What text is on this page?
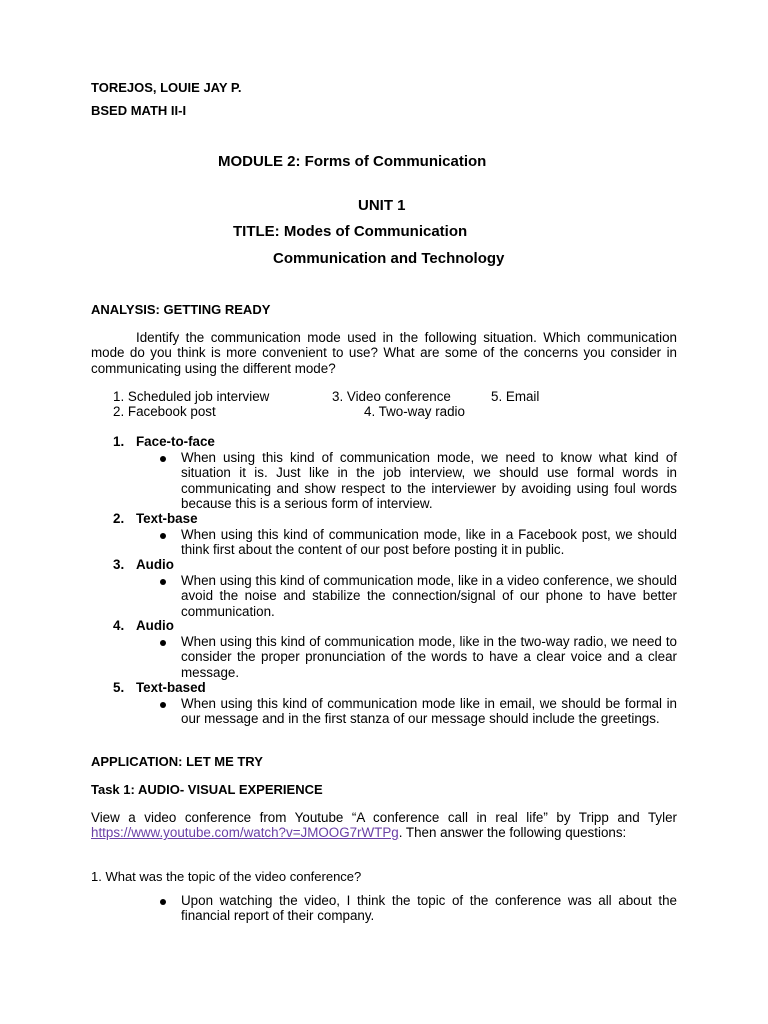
TOREJOS, LOUIE JAY P.
BSED MATH II-I
MODULE 2: Forms of Communication
UNIT 1
TITLE: Modes of Communication
Communication and Technology
ANALYSIS: GETTING READY
Identify the communication mode used in the following situation. Which communication mode do you think is more convenient to use? What are some of the concerns you consider in communicating using the different mode?
1. Scheduled job interview	3. Video conference	5. Email
2. Facebook post	4. Two-way radio
1. Face-to-face
When using this kind of communication mode, we need to know what kind of situation it is. Just like in the job interview, we should use formal words in communicating and show respect to the interviewer by avoiding using foul words because this is a serious form of interview.
2. Text-base
When using this kind of communication mode, like in a Facebook post, we should think first about the content of our post before posting it in public.
3. Audio
When using this kind of communication mode, like in a video conference, we should avoid the noise and stabilize the connection/signal of our phone to have better communication.
4. Audio
When using this kind of communication mode, like in the two-way radio, we need to consider the proper pronunciation of the words to have a clear voice and a clear message.
5. Text-based
When using this kind of communication mode like in email, we should be formal in our message and in the first stanza of our message should include the greetings.
APPLICATION: LET ME TRY
Task 1: AUDIO- VISUAL EXPERIENCE
View a video conference from Youtube “A conference call in real life” by Tripp and Tyler https://www.youtube.com/watch?v=JMOOG7rWTPg. Then answer the following questions:
1. What was the topic of the video conference?
Upon watching the video, I think the topic of the conference was all about the financial report of their company.
